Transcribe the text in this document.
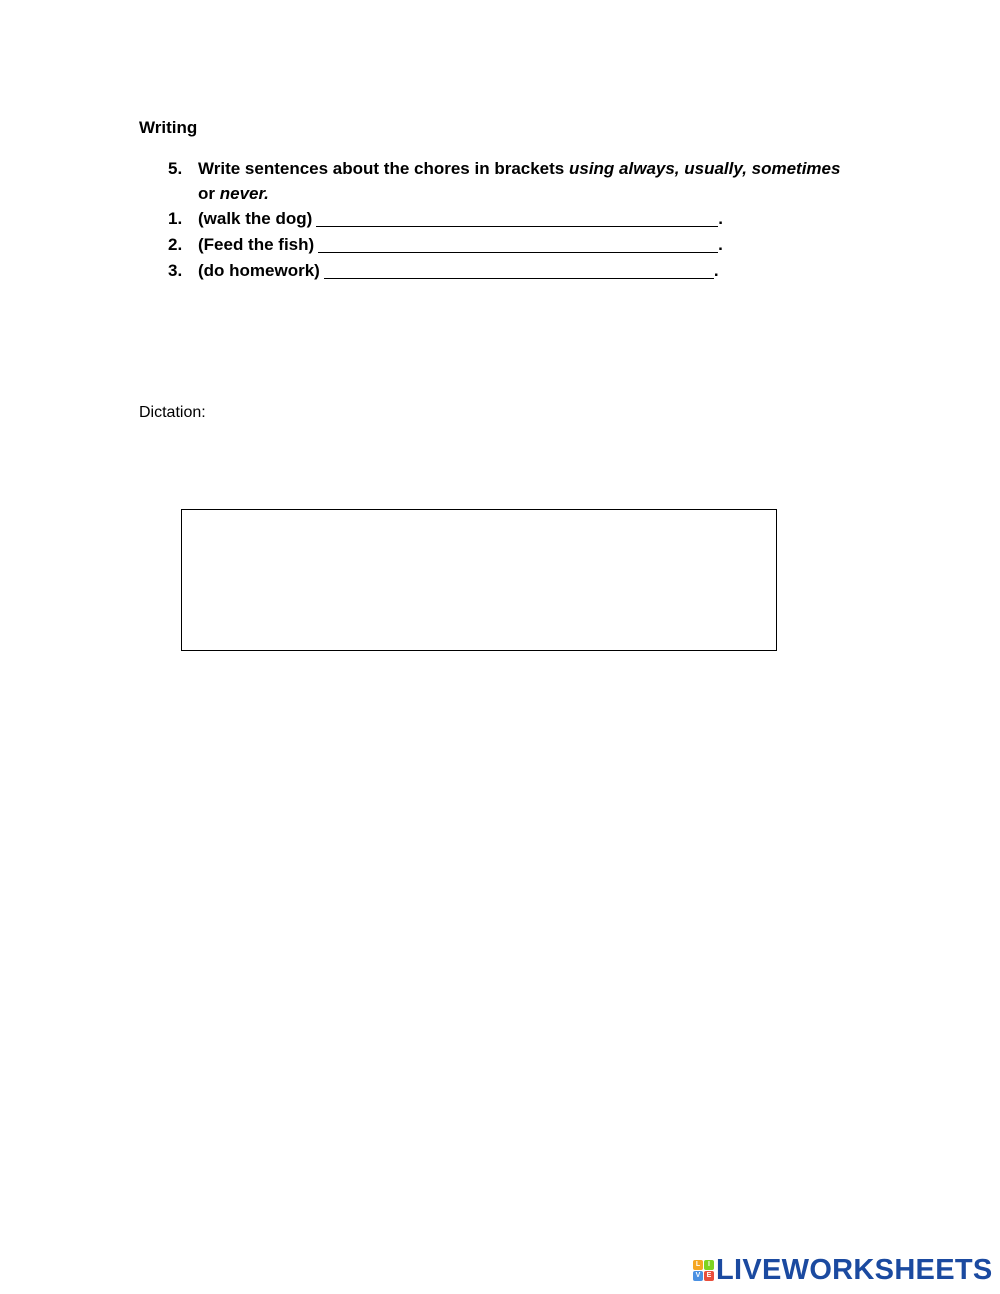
Writing
5. Write sentences about the chores in brackets using always, usually, sometimes
or never.
1. (walk the dog)	.
2. (Feed the fish)	.
3. (do homework)	.
Dictation:
L	I
V E LIVEWORKSHEETS
